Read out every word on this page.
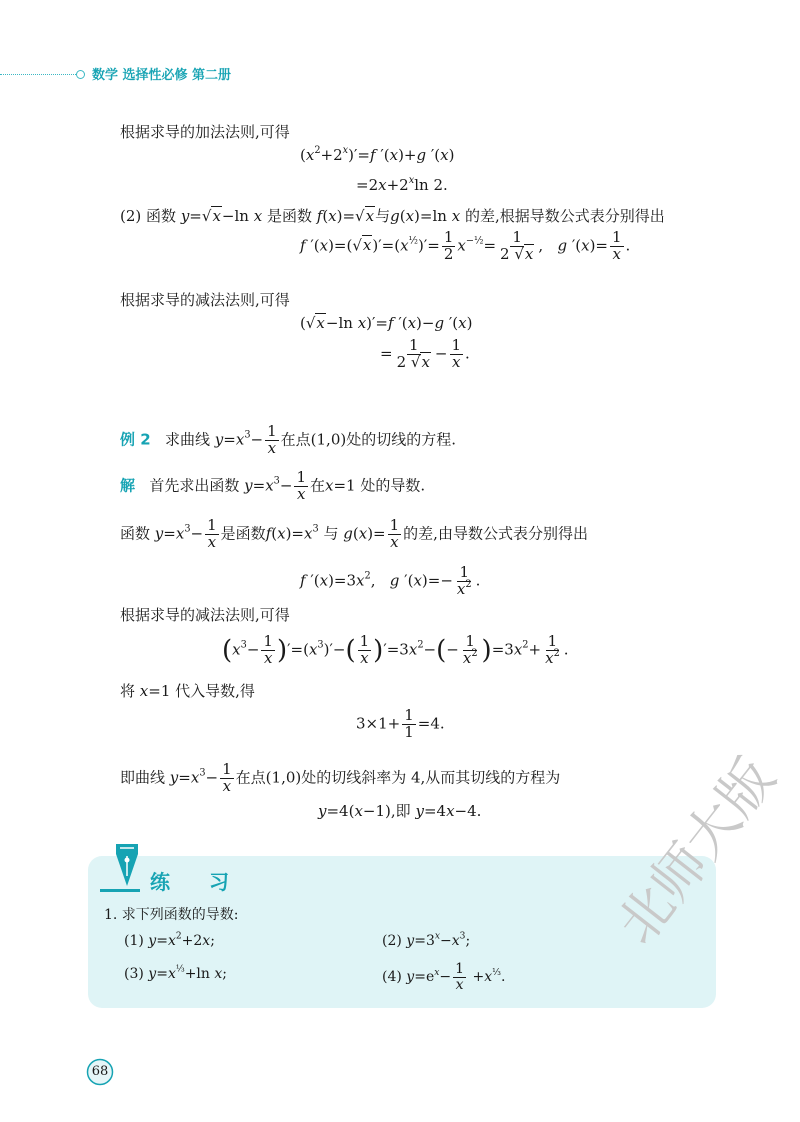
数学 选择性必修 第二册
根据求导的加法法则,可得
$(x^2+2^x)'=f$ ′(x)+g ′(x)
$=2x+2^x\ln$ 2.
(2) 函数 y=√x−ln x 是函数 f(x)=√x与g(x)=ln x 的差,根据导数公式表分别得出
f $'(x)=(√x)'=(x^{\frac{1}{2}})'= \frac{1}{2} x^{-\frac{1}{2}}= \frac{1}{2 √x}$ ,   g $'(x)= \frac{1}{x}$ .
根据求导的减法法则,可得
(√x−ln x)′=f ′(x)−g ′(x)
= $\frac{1}{2 √x} - \frac{1}{x}$ .
例 2 求曲线 $y=x^3- \frac{1}{x}$ 在点(1,0)处的切线的方程.
解 首先求出函数 $y=x^3- \frac{1}{x}$ 在x=1 处的导数.
函数 $y=x^3- \frac{1}{x}$ 是函数$f(x)=x^3$ 与 $g(x)= \frac{1}{x}$ 的差,由导数公式表分别得出
f $'(x)=3x^2$,   g $'(x)=- \frac{1}{x^2}$ .
根据求导的减法法则,可得
$(x^3- \frac{1}{x} )'=(x^3)'-( \frac{1}{x} )'=3x^2-(- \frac{1}{x^2} )=3x^2+ \frac{1}{x^2}$ .
将 x=1 代入导数,得
$3\times 1+ \frac{1}{1} =4$.
即曲线 $y=x^3- \frac{1}{x}$ 在点(1,0)处的切线斜率为 4,从而其切线的方程为
y=4(x−1),即 y=4x−4.
练 习
1. 求下列函数的导数:
(1) $y=x^2+2x$;	(2) $y=3^x-x^3$;
(3) $y=x^{\frac{1}{3}}+\ln$ x;	(4) $y=e^x- \frac{1}{x} +x^{\frac{1}{3}}$.
68
北师大版
